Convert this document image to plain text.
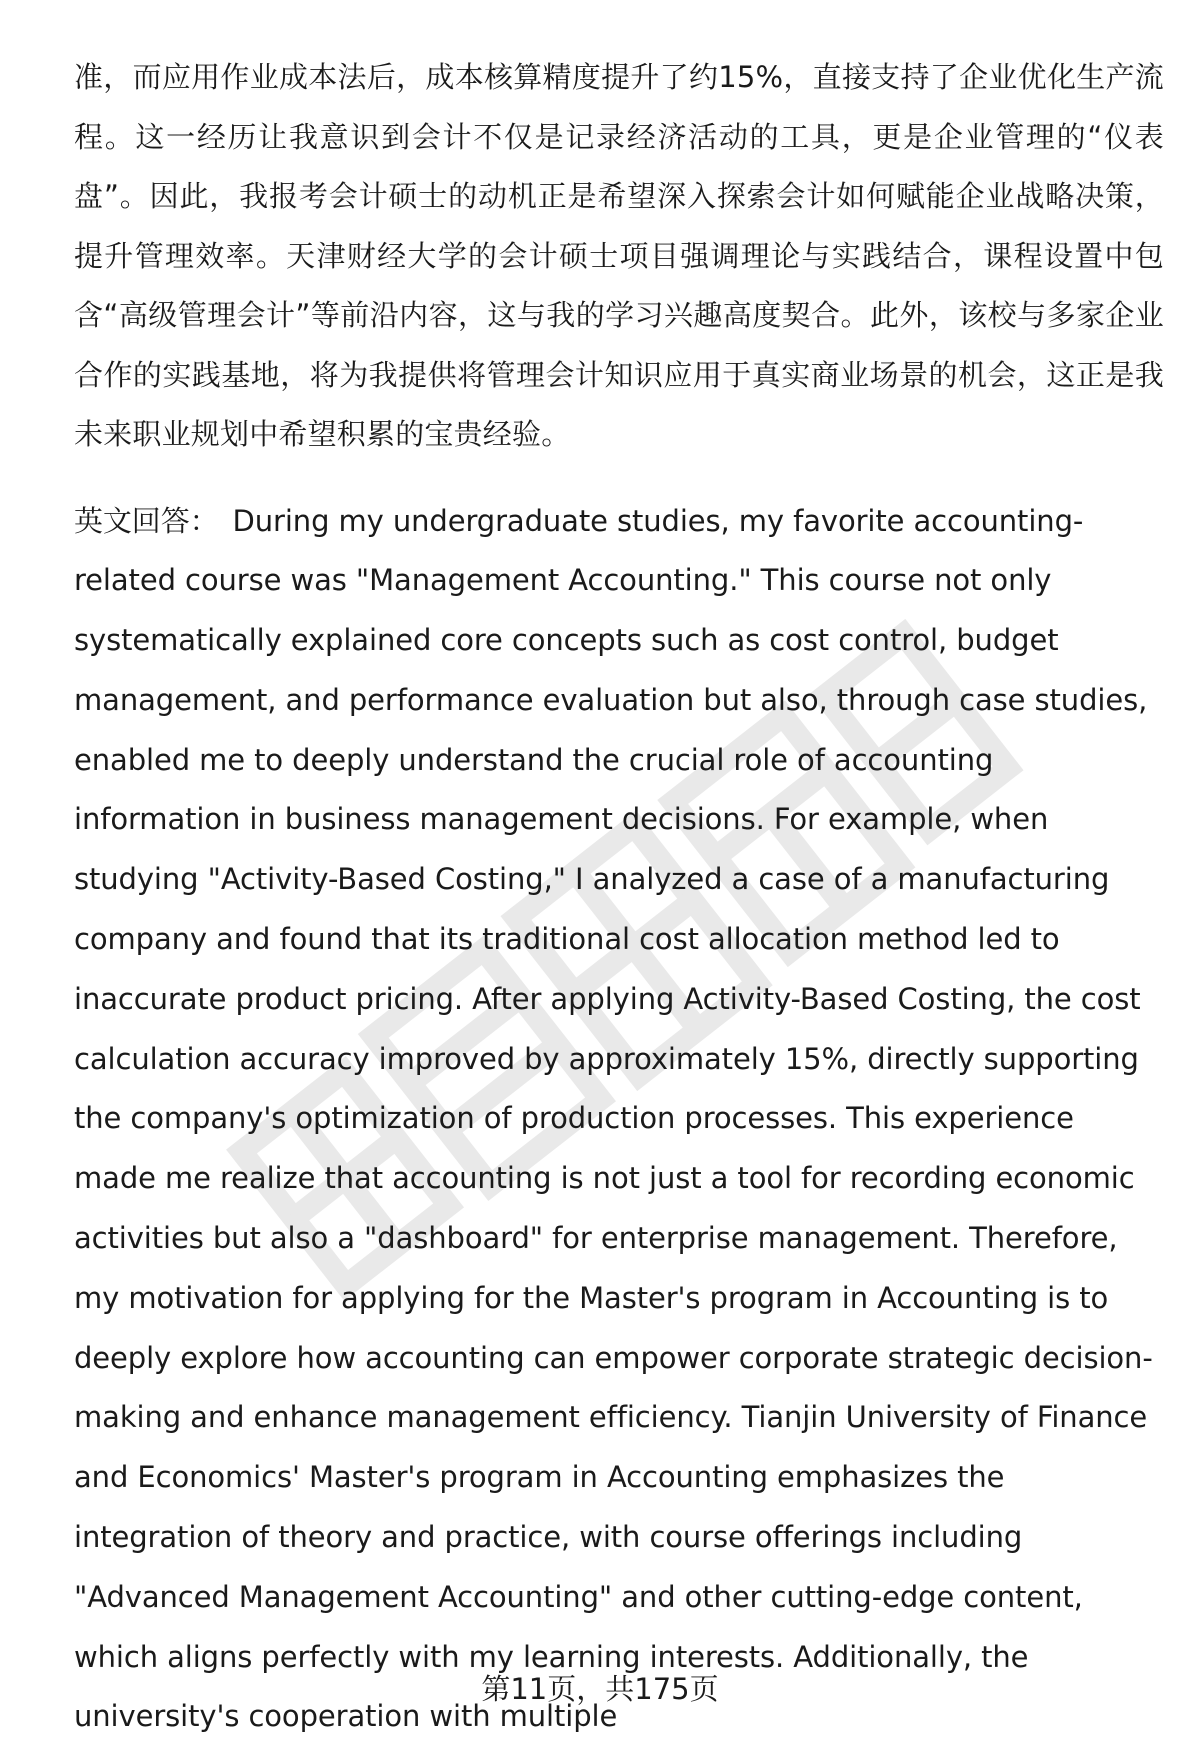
准，而应用作业成本法后，成本核算精度提升了约15%，直接支持了企业优化生产流程。这一经历让我意识到会计不仅是记录经济活动的工具，更是企业管理的“仪表盘”。因此，我报考会计硕士的动机正是希望深入探索会计如何赋能企业战略决策，提升管理效率。天津财经大学的会计硕士项目强调理论与实践结合，课程设置中包含“高级管理会计”等前沿内容，这与我的学习兴趣高度契合。此外，该校与多家企业合作的实践基地，将为我提供将管理会计知识应用于真实商业场景的机会，这正是我未来职业规划中希望积累的宝贵经验。

英文回答： During my undergraduate studies, my favorite accounting-related course was "Management Accounting." This course not only systematically explained core concepts such as cost control, budget management, and performance evaluation but also, through case studies, enabled me to deeply understand the crucial role of accounting information in business management decisions. For example, when studying "Activity-Based Costing," I analyzed a case of a manufacturing company and found that its traditional cost allocation method led to inaccurate product pricing. After applying Activity-Based Costing, the cost calculation accuracy improved by approximately 15%, directly supporting the company's optimization of production processes. This experience made me realize that accounting is not just a tool for recording economic activities but also a "dashboard" for enterprise management. Therefore, my motivation for applying for the Master's program in Accounting is to deeply explore how accounting can empower corporate strategic decision-making and enhance management efficiency. Tianjin University of Finance and Economics' Master's program in Accounting emphasizes the integration of theory and practice, with course offerings including "Advanced Management Accounting" and other cutting-edge content, which aligns perfectly with my learning interests. Additionally, the university's cooperation with multiple

第11页，共175页
